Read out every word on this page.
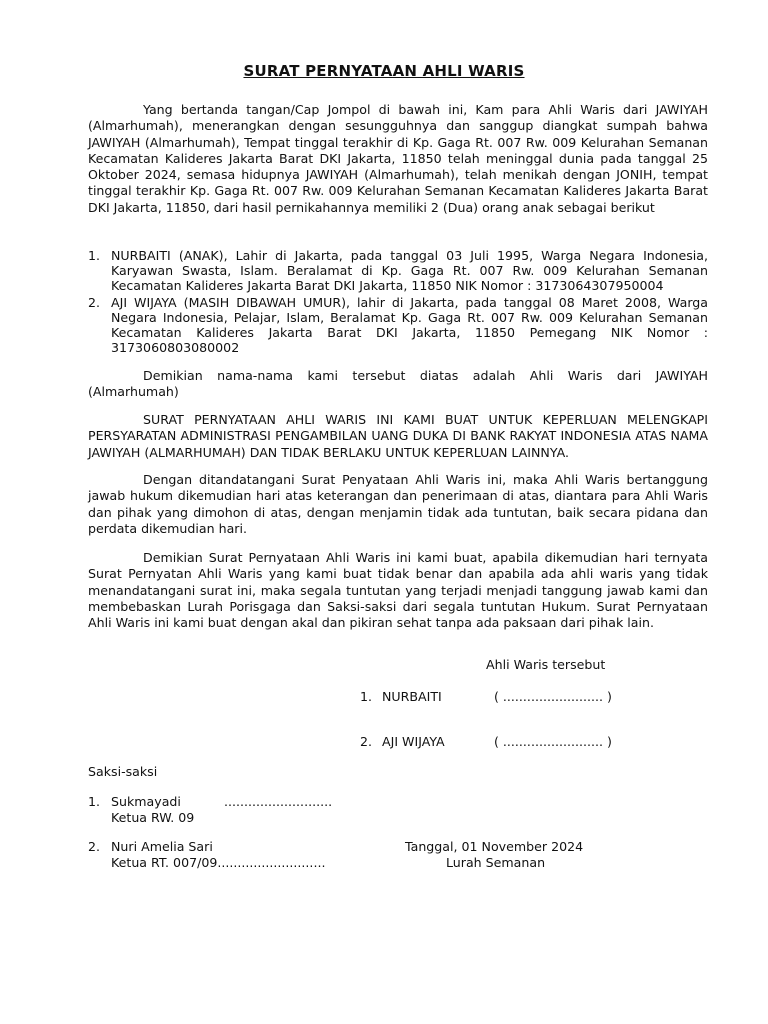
SURAT PERNYATAAN AHLI WARIS
Yang bertanda tangan/Cap Jompol di bawah ini, Kam para Ahli Waris dari JAWIYAH (Almarhumah), menerangkan dengan sesungguhnya dan sanggup diangkat sumpah bahwa JAWIYAH (Almarhumah), Tempat tinggal terakhir di Kp. Gaga Rt. 007 Rw. 009 Kelurahan Semanan Kecamatan Kalideres Jakarta Barat DKI Jakarta, 11850 telah meninggal dunia pada tanggal 25 Oktober 2024, semasa hidupnya JAWIYAH (Almarhumah), telah menikah dengan JONIH, tempat tinggal terakhir Kp. Gaga Rt. 007 Rw. 009 Kelurahan Semanan Kecamatan Kalideres Jakarta Barat DKI Jakarta, 11850, dari hasil pernikahannya memiliki 2 (Dua) orang anak sebagai berikut
1. NURBAITI (ANAK), Lahir di Jakarta, pada tanggal 03 Juli 1995, Warga Negara Indonesia, Karyawan Swasta, Islam. Beralamat di Kp. Gaga Rt. 007 Rw. 009 Kelurahan Semanan Kecamatan Kalideres Jakarta Barat DKI Jakarta, 11850 NIK Nomor : 3173064307950004
2. AJI WIJAYA (MASIH DIBAWAH UMUR), lahir di Jakarta, pada tanggal 08 Maret 2008, Warga Negara Indonesia, Pelajar, Islam, Beralamat Kp. Gaga Rt. 007 Rw. 009 Kelurahan Semanan Kecamatan Kalideres Jakarta Barat DKI Jakarta, 11850 Pemegang NIK Nomor : 3173060803080002
Demikian nama-nama kami tersebut diatas adalah Ahli Waris dari JAWIYAH (Almarhumah)
SURAT PERNYATAAN AHLI WARIS INI KAMI BUAT UNTUK KEPERLUAN MELENGKAPI PERSYARATAN ADMINISTRASI PENGAMBILAN UANG DUKA DI BANK RAKYAT INDONESIA ATAS NAMA JAWIYAH (ALMARHUMAH) DAN TIDAK BERLAKU UNTUK KEPERLUAN LAINNYA.
Dengan ditandatangani Surat Penyataan Ahli Waris ini, maka Ahli Waris bertanggung jawab hukum dikemudian hari atas keterangan dan penerimaan di atas, diantara para Ahli Waris dan pihak yang dimohon di atas, dengan menjamin tidak ada tuntutan, baik secara pidana dan perdata dikemudian hari.
Demikian Surat Pernyataan Ahli Waris ini kami buat, apabila dikemudian hari ternyata Surat Pernyatan Ahli Waris yang kami buat tidak benar dan apabila ada ahli waris yang tidak menandatangani surat ini, maka segala tuntutan yang terjadi menjadi tanggung jawab kami dan membebaskan Lurah Porisgaga dan Saksi-saksi dari segala tuntutan Hukum. Surat Pernyataan Ahli Waris ini kami buat dengan akal dan pikiran sehat tanpa ada paksaan dari pihak lain.
Ahli Waris tersebut
1. NURBAITI	( ......................... )
2. AJI WIJAYA	( ......................... )
Saksi-saksi
1. Sukmayadi	...........................
Ketua RW. 09
2. Nuri Amelia Sari
Ketua RT. 007/09...........................
Tanggal, 01 November 2024
Lurah Semanan
